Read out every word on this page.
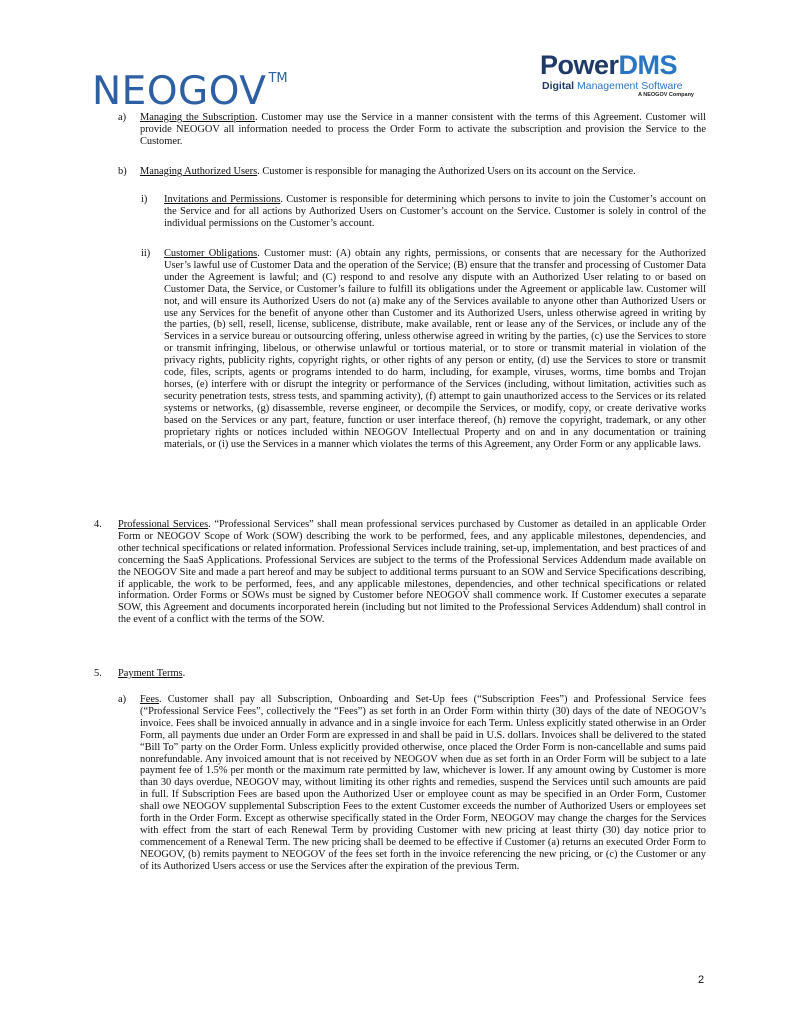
NEOGOV ™	PowerDMS
Digital Management Software
A NEOGOV Company
a) Managing the Subscription. Customer may use the Service in a manner consistent with the terms of this Agreement. Customer will provide NEOGOV all information needed to process the Order Form to activate the subscription and provision the Service to the Customer.
b) Managing Authorized Users. Customer is responsible for managing the Authorized Users on its account on the Service.
i) Invitations and Permissions. Customer is responsible for determining which persons to invite to join the Customer’s account on the Service and for all actions by Authorized Users on Customer’s account on the Service. Customer is solely in control of the individual permissions on the Customer’s account.
ii) Customer Obligations. Customer must: (A) obtain any rights, permissions, or consents that are necessary for the Authorized User’s lawful use of Customer Data and the operation of the Service; (B) ensure that the transfer and processing of Customer Data under the Agreement is lawful; and (C) respond to and resolve any dispute with an Authorized User relating to or based on Customer Data, the Service, or Customer’s failure to fulfill its obligations under the Agreement or applicable law. Customer will not, and will ensure its Authorized Users do not (a) make any of the Services available to anyone other than Authorized Users or use any Services for the benefit of anyone other than Customer and its Authorized Users, unless otherwise agreed in writing by the parties, (b) sell, resell, license, sublicense, distribute, make available, rent or lease any of the Services, or include any of the Services in a service bureau or outsourcing offering, unless otherwise agreed in writing by the parties, (c) use the Services to store or transmit infringing, libelous, or otherwise unlawful or tortious material, or to store or transmit material in violation of the privacy rights, publicity rights, copyright rights, or other rights of any person or entity, (d) use the Services to store or transmit code, files, scripts, agents or programs intended to do harm, including, for example, viruses, worms, time bombs and Trojan horses, (e) interfere with or disrupt the integrity or performance of the Services (including, without limitation, activities such as security penetration tests, stress tests, and spamming activity), (f) attempt to gain unauthorized access to the Services or its related systems or networks, (g) disassemble, reverse engineer, or decompile the Services, or modify, copy, or create derivative works based on the Services or any part, feature, function or user interface thereof, (h) remove the copyright, trademark, or any other proprietary rights or notices included within NEOGOV Intellectual Property and on and in any documentation or training materials, or (i) use the Services in a manner which violates the terms of this Agreement, any Order Form or any applicable laws.
4. Professional Services. “Professional Services” shall mean professional services purchased by Customer as detailed in an applicable Order Form or NEOGOV Scope of Work (SOW) describing the work to be performed, fees, and any applicable milestones, dependencies, and other technical specifications or related information. Professional Services include training, set-up, implementation, and best practices of and concerning the SaaS Applications. Professional Services are subject to the terms of the Professional Services Addendum made available on the NEOGOV Site and made a part hereof and may be subject to additional terms pursuant to an SOW and Service Specifications describing, if applicable, the work to be performed, fees, and any applicable milestones, dependencies, and other technical specifications or related information. Order Forms or SOWs must be signed by Customer before NEOGOV shall commence work. If Customer executes a separate SOW, this Agreement and documents incorporated herein (including but not limited to the Professional Services Addendum) shall control in the event of a conflict with the terms of the SOW.
5. Payment Terms.
a) Fees. Customer shall pay all Subscription, Onboarding and Set-Up fees (“Subscription Fees”) and Professional Service fees (“Professional Service Fees”, collectively the “Fees”) as set forth in an Order Form within thirty (30) days of the date of NEOGOV’s invoice. Fees shall be invoiced annually in advance and in a single invoice for each Term. Unless explicitly stated otherwise in an Order Form, all payments due under an Order Form are expressed in and shall be paid in U.S. dollars. Invoices shall be delivered to the stated “Bill To” party on the Order Form. Unless explicitly provided otherwise, once placed the Order Form is non-cancellable and sums paid nonrefundable. Any invoiced amount that is not received by NEOGOV when due as set forth in an Order Form will be subject to a late payment fee of 1.5% per month or the maximum rate permitted by law, whichever is lower. If any amount owing by Customer is more than 30 days overdue, NEOGOV may, without limiting its other rights and remedies, suspend the Services until such amounts are paid in full. If Subscription Fees are based upon the Authorized User or employee count as may be specified in an Order Form, Customer shall owe NEOGOV supplemental Subscription Fees to the extent Customer exceeds the number of Authorized Users or employees set forth in the Order Form. Except as otherwise specifically stated in the Order Form, NEOGOV may change the charges for the Services with effect from the start of each Renewal Term by providing Customer with new pricing at least thirty (30) day notice prior to commencement of a Renewal Term. The new pricing shall be deemed to be effective if Customer (a) returns an executed Order Form to NEOGOV, (b) remits payment to NEOGOV of the fees set forth in the invoice referencing the new pricing, or (c) the Customer or any of its Authorized Users access or use the Services after the expiration of the previous Term.
2
